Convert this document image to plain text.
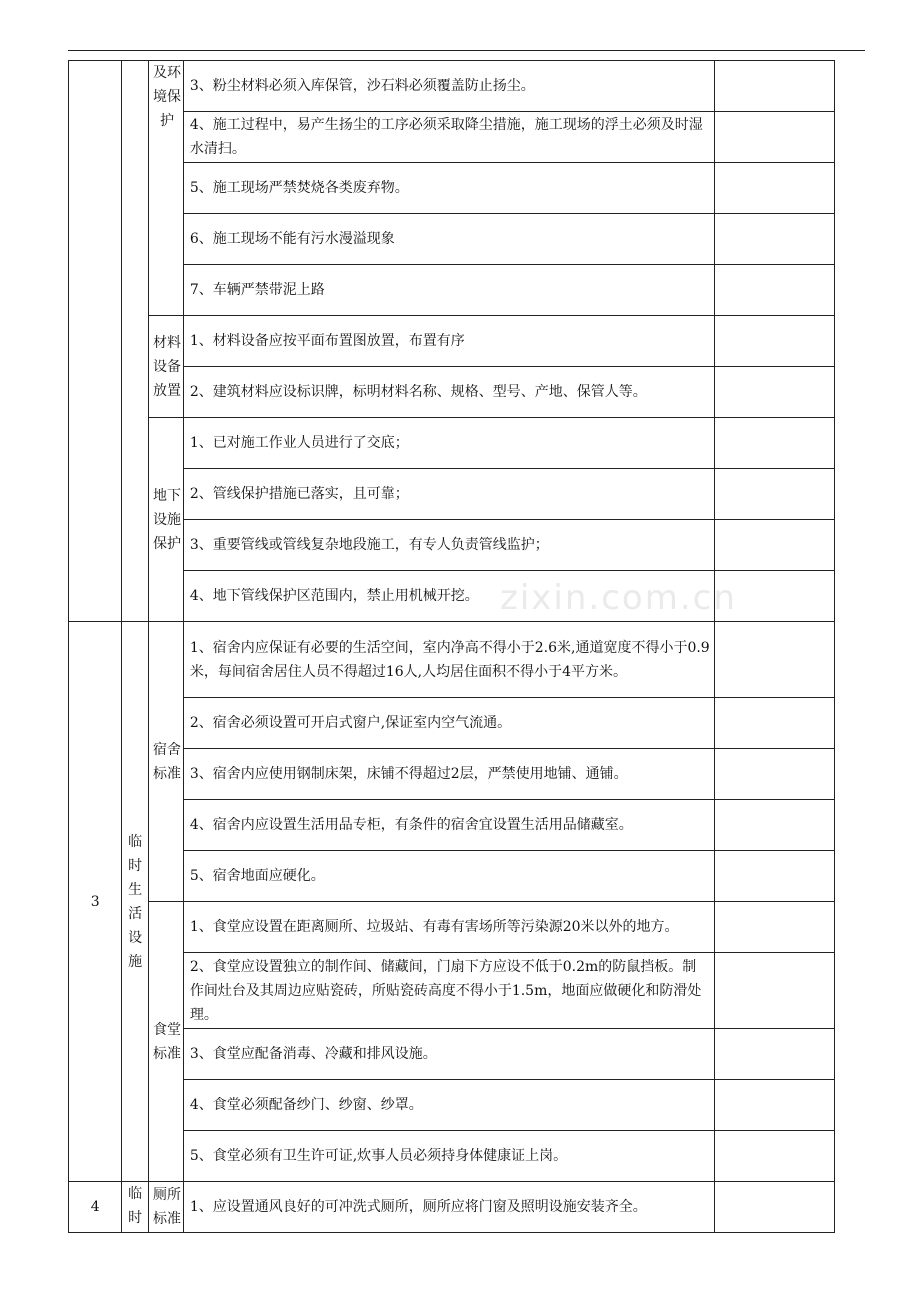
		及环境保护	3、粉尘材料必须入库保管，沙石料必须覆盖防止扬尘。	
			4、施工过程中，易产生扬尘的工序必须采取降尘措施，施工现场的浮土必须及时湿水清扫。	
			5、施工现场严禁焚烧各类废弃物。	
			6、施工现场不能有污水漫溢现象	
			7、车辆严禁带泥上路	

		材料设备放置	1、材料设备应按平面布置图放置，布置有序	
			2、建筑材料应设标识牌，标明材料名称、规格、型号、产地、保管人等。	

		地下设施保护	1、已对施工作业人员进行了交底；	
			2、管线保护措施已落实，且可靠；	
			3、重要管线或管线复杂地段施工，有专人负责管线监护；	
			4、地下管线保护区范围内，禁止用机械开挖。	

3	临时生活设施	宿舍标准	1、宿舍内应保证有必要的生活空间，室内净高不得小于2.6米,通道宽度不得小于0.9米，每间宿舍居住人员不得超过16人,人均居住面积不得小于4平方米。	
			2、宿舍必须设置可开启式窗户,保证室内空气流通。	
			3、宿舍内应使用钢制床架，床铺不得超过2层，严禁使用地铺、通铺。	
			4、宿舍内应设置生活用品专柜，有条件的宿舍宜设置生活用品储藏室。	
			5、宿舍地面应硬化。	

		食堂标准	1、食堂应设置在距离厕所、垃圾站、有毒有害场所等污染源20米以外的地方。	
			2、食堂应设置独立的制作间、储藏间，门扇下方应设不低于0.2m的防鼠挡板。制作间灶台及其周边应贴瓷砖，所贴瓷砖高度不得小于1.5m，地面应做硬化和防滑处理。	
			3、食堂应配备消毒、冷藏和排风设施。	
			4、食堂必须配备纱门、纱窗、纱罩。	
			5、食堂必须有卫生许可证,炊事人员必须持身体健康证上岗。	

4	临时	厕所标准	1、应设置通风良好的可冲洗式厕所，厕所应将门窗及照明设施安装齐全。	
zixin.com.cn
